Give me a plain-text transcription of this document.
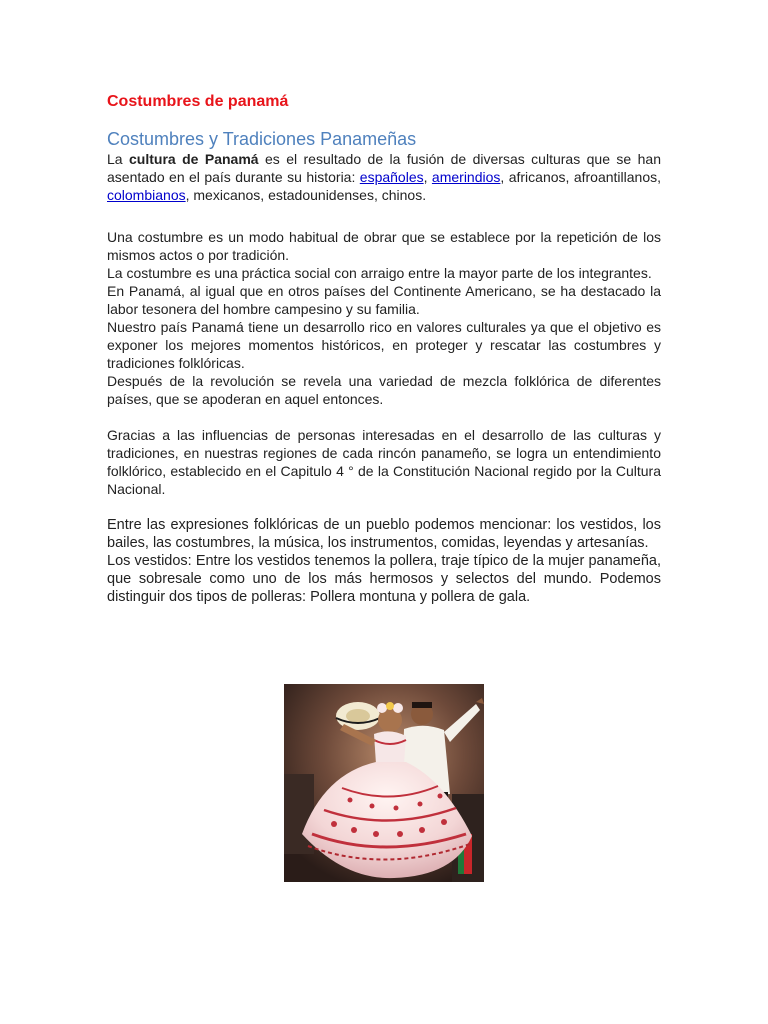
Costumbres de panamá
Costumbres y Tradiciones Panameñas

La cultura de Panamá es el resultado de la fusión de diversas culturas que se han asentado en el país durante su historia: españoles, amerindios, africanos, afroantillanos, colombianos, mexicanos, estadounidenses, chinos.

Una costumbre es un modo habitual de obrar que se establece por la repetición de los mismos actos o por tradición.

La costumbre es una práctica social con arraigo entre la mayor parte de los integrantes.

En Panamá, al igual que en otros países del Continente Americano, se ha destacado la labor tesonera del hombre campesino y su familia.

Nuestro país Panamá tiene un desarrollo rico en valores culturales ya que el objetivo es exponer los mejores momentos históricos, en proteger y rescatar las costumbres y tradiciones folklóricas.

Después de la revolución se revela una variedad de mezcla folklórica de diferentes países, que se apoderan en aquel entonces.

Gracias a las influencias de personas interesadas en el desarrollo de las culturas y tradiciones, en nuestras regiones de cada rincón panameño, se logra un entendimiento folklórico, establecido en el Capitulo 4 ° de la Constitución Nacional regido por la Cultura Nacional.

Entre las expresiones folklóricas de un pueblo podemos mencionar: los vestidos, los bailes, las costumbres, la música, los instrumentos, comidas, leyendas y artesanías.

Los vestidos: Entre los vestidos tenemos la pollera, traje típico de la mujer panameña, que sobresale como uno de los más hermosos y selectos del mundo. Podemos distinguir dos tipos de polleras: Pollera montuna y pollera de gala.
